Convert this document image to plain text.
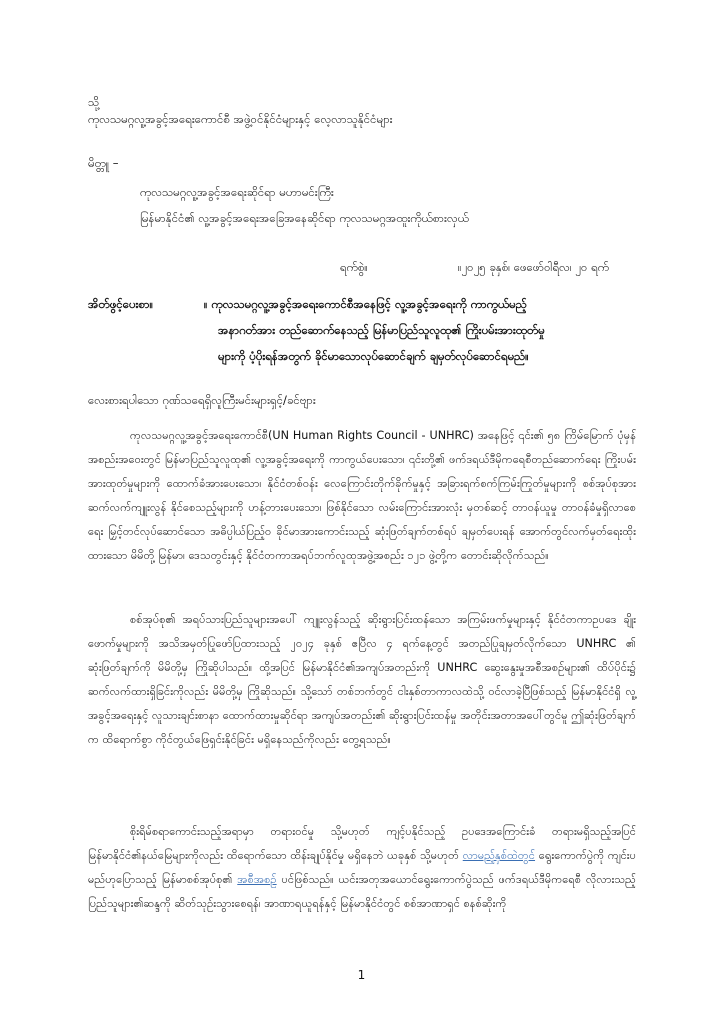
သို့
ကုလသမဂ္ဂလူ့အခွင့်အရေးကောင်စီ အဖွဲ့ဝင်နိုင်ငံများနှင့် လေ့လာသူနိုင်ငံများ
မိတ္တူ –
ကုလသမဂ္ဂလူ့အခွင့်အရေးဆိုင်ရာ မဟာမင်းကြီး
မြန်မာနိုင်ငံ၏ လူ့အခွင့်အရေးအခြေအနေဆိုင်ရာ ကုလသမဂ္ဂအထူးကိုယ်စားလှယ်
ရက်စွဲ။	။၂၀၂၅ ခုနှစ်၊ ဖေဖော်ဝါရီလ၊ ၂၀ ရက်
အိတ်ဖွင့်ပေးစာ။	။ ကုလသမဂ္ဂလူ့အခွင့်အရေးကောင်စီအနေဖြင့် လူ့အခွင့်အရေးကို ကာကွယ်မည့်
အနာဂတ်အား တည်ဆောက်နေသည့် မြန်မာပြည်သူလူထု၏ ကြိုးပမ်းအားထုတ်မှု
များကို ပံ့ပိုးရန်အတွက် ခိုင်မာသောလုပ်ဆောင်ချက် ချမှတ်လုပ်ဆောင်ရမည်။
လေးစားရပါသော ဂုဏ်သရေရှိလူကြီးမင်းများရှင့်/ခင်ဗျား
ကုလသမဂ္ဂလူ့အခွင့်အရေးကောင်စီ(UN Human Rights Council - UNHRC) အနေဖြင့် ၎င်း၏ ၅၈ ကြိမ်မြောက် ပုံမှန်အစည်းအဝေးတွင် မြန်မာပြည်သူလူထု၏ လူ့အခွင့်အရေးကို ကာကွယ်ပေးသော၊ ၎င်းတို့၏ ဖက်ဒရယ်ဒီမိုကရေစီတည်ဆောက်ရေး ကြိုးပမ်းအားထုတ်မှုများကို ထောက်ခံအားပေးသော၊ နိုင်ငံတစ်ဝန်း လေကြောင်းတိုက်ခိုက်မှုနှင့် အခြားရက်စက်ကြမ်းကြုတ်မှုများကို စစ်အုပ်စုအား ဆက်လက်ကျူးလွန် နိုင်စေသည့်များကို ဟန့်တားပေးသော၊ ဖြစ်နိုင်သော လမ်းကြောင်းအားလုံး မှတစ်ဆင့် တာဝန်ယူမှု တာဝန်ခံမှုရှိလာစေရေး မြှင့်တင်လုပ်ဆောင်သော အဓိပ္ပါယ်ပြည့်ဝ ခိုင်မာအားကောင်းသည့် ဆုံးဖြတ်ချက်တစ်ရပ် ချမှတ်ပေးရန် အောက်တွင်လက်မှတ်ရေးထိုးထားသော မိမိတို့ မြန်မာ၊ ဒေသတွင်းနှင့် နိုင်ငံတကာအရပ်ဘက်လူထုအဖွဲ့အစည်း ၁၂၁ ဖွဲ့တို့က တောင်းဆိုလိုက်သည်။
စစ်အုပ်စု၏ အရပ်သားပြည်သူများအပေါ် ကျူးလွန်သည့် ဆိုးရွားပြင်းထန်သော အကြမ်းဖက်မှုများနှင့် နိုင်ငံတကာဥပဒေ ချိုးဖောက်မှုများကို အသိအမှတ်ပြုဖော်ပြထားသည့် ၂၀၂၄ ခုနှစ် ဧပြီလ ၄ ရက်နေ့တွင် အတည်ပြုချမှတ်လိုက်သော UNHRC ၏ ဆုံးဖြတ်ချက်ကို မိမိတို့မှ ကြိုဆိုပါသည်။ ထို့အပြင် မြန်မာနိုင်ငံ၏အကျပ်အတည်းကို UNHRC ဆွေးနွေးမှုအစီအစဉ်များ၏ ထိပ်ပိုင်း၌ ဆက်လက်ထားရှိခြင်းကိုလည်း မိမိတို့မှ ကြိုဆိုသည်။ သို့သော် တစ်ဘက်တွင် ငါးနှစ်တာကာလထဲသို့ ဝင်လာခဲ့ပြီဖြစ်သည့် မြန်မာနိုင်ငံရှိ လူ့အခွင့်အရေးနှင့် လူသားချင်းစာနာ ထောက်ထားမှုဆိုင်ရာ အကျပ်အတည်း၏ ဆိုးရွားပြင်းထန်မှု အတိုင်းအတာအပေါ်တွင်မူ ဤဆုံးဖြတ်ချက်က ထိရောက်စွာ ကိုင်တွယ်ဖြေရှင်းနိုင်ခြင်း မရှိနေသည်ကိုလည်း တွေ့ရသည်။
စိုးရိမ်စရာကောင်းသည့်အရာမှာ တရားဝင်မှု သို့မဟုတ် ကျင့်ပနိုင်သည့် ဥပဒေအကြောင်းခံ တရားမရှိသည့်အပြင် မြန်မာနိုင်ငံ၏နယ်မြေများကိုလည်း ထိရောက်သော ထိန်းချုပ်နိုင်မှု မရှိနေဘဲ ယခုနှစ် သို့မဟုတ် လာမည့်နှစ်ထဲတွင် ရွေးကောက်ပွဲကို ကျင်းပမည်ဟုပြောသည့် မြန်မာစစ်အုပ်စု၏ အစီအစဉ် ပင်ဖြစ်သည်။ ယင်းအတုအယောင်ရွေးကောက်ပွဲသည် ဖက်ဒရယ်ဒီမိုကရေစီ လိုလားသည့် ပြည်သူများ၏ဆန္ဒကို ဆိတ်သုဉ်းသွားစေရန်၊ အာဏာရယူရန်နှင့် မြန်မာနိုင်ငံတွင် စစ်အာဏာရှင် စနစ်ဆိုးကို
1
